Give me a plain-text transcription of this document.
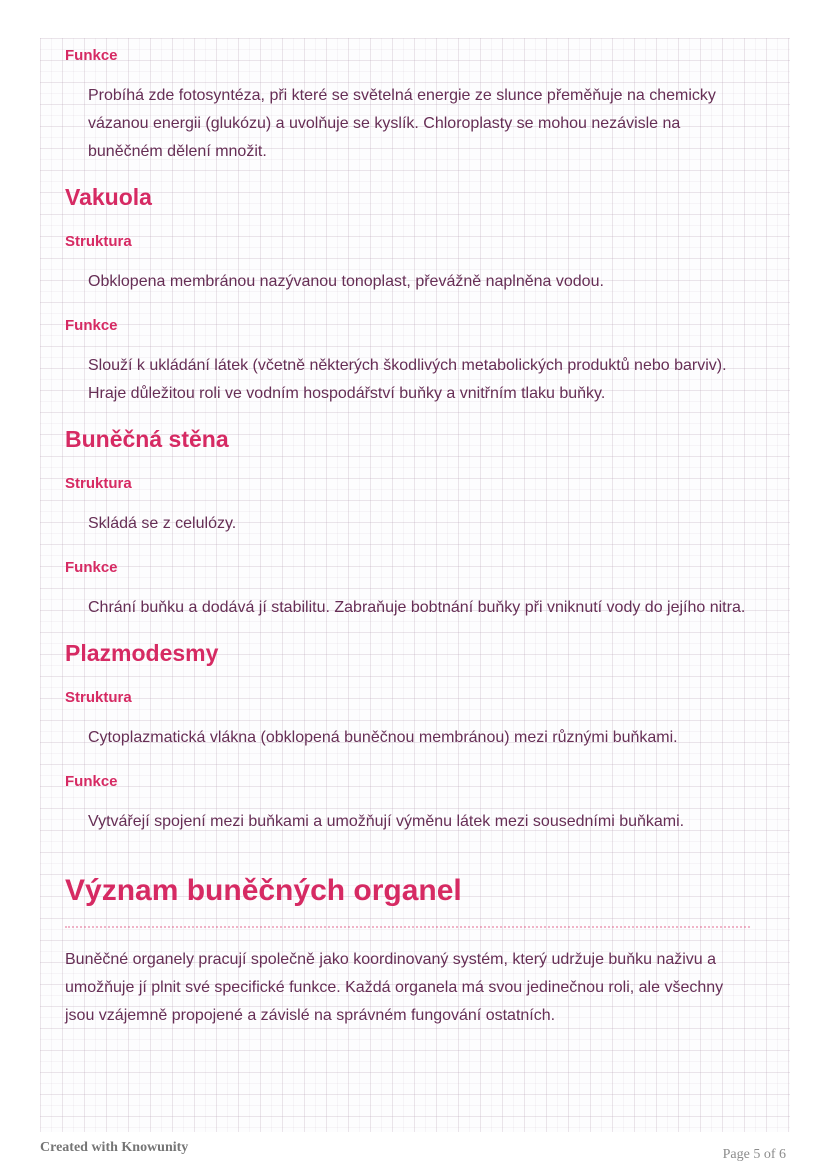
Funkce
Probíhá zde fotosyntéza, při které se světelná energie ze slunce přeměňuje na chemicky vázanou energii (glukózu) a uvolňuje se kyslík. Chloroplasty se mohou nezávisle na buněčném dělení množit.
Vakuola
Struktura
Obklopena membránou nazývanou tonoplast, převážně naplněna vodou.
Funkce
Slouží k ukládání látek (včetně některých škodlivých metabolických produktů nebo barviv). Hraje důležitou roli ve vodním hospodářství buňky a vnitřním tlaku buňky.
Buněčná stěna
Struktura
Skládá se z celulózy.
Funkce
Chrání buňku a dodává jí stabilitu. Zabraňuje bobtnání buňky při vniknutí vody do jejího nitra.
Plazmodesmy
Struktura
Cytoplazmatická vlákna (obklopená buněčnou membránou) mezi různými buňkami.
Funkce
Vytvářejí spojení mezi buňkami a umožňují výměnu látek mezi sousedními buňkami.
Význam buněčných organel
Buněčné organely pracují společně jako koordinovaný systém, který udržuje buňku naživu a umožňuje jí plnit své specifické funkce. Každá organela má svou jedinečnou roli, ale všechny jsou vzájemně propojené a závislé na správném fungování ostatních.
Created with Knowunity	Page 5 of 6
